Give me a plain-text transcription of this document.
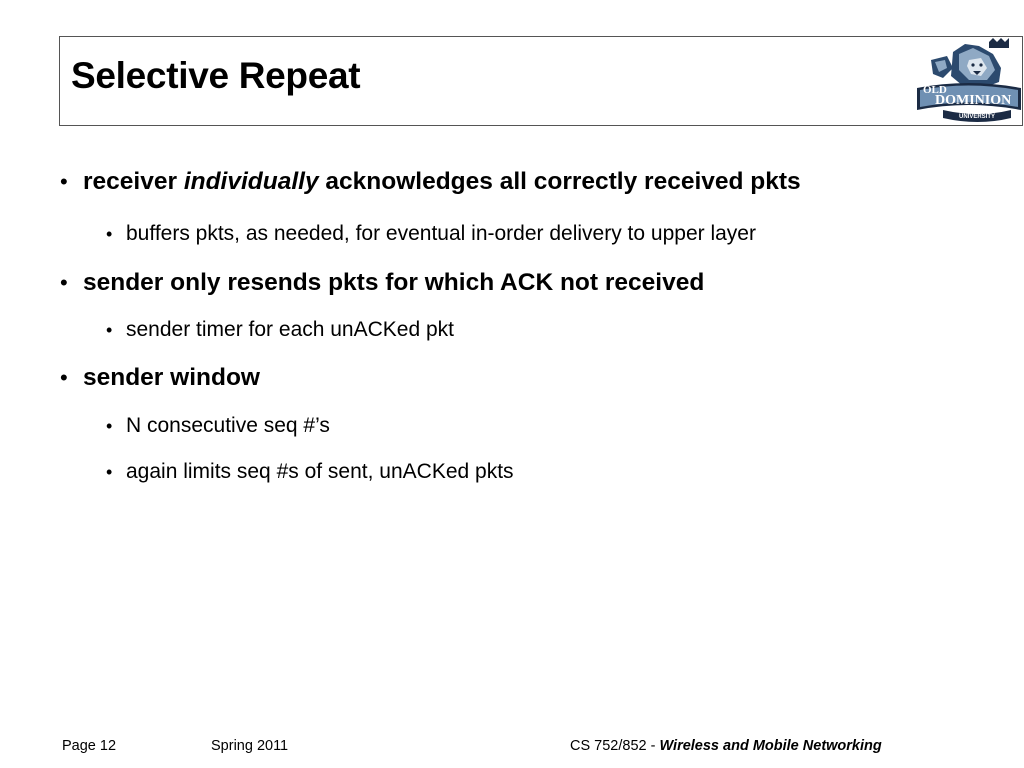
Selective Repeat	OLD
DOMINION
UNIVERSITY
• receiver individually acknowledges all correctly received pkts
• buffers pkts, as needed, for eventual in-order delivery to upper layer
• sender only resends pkts for which ACK not received
• sender timer for each unACKed pkt
• sender window
• N consecutive seq #’s
• again limits seq #s of sent, unACKed pkts
Page 12	Spring 2011	CS 752/852 - Wireless and Mobile Networking
